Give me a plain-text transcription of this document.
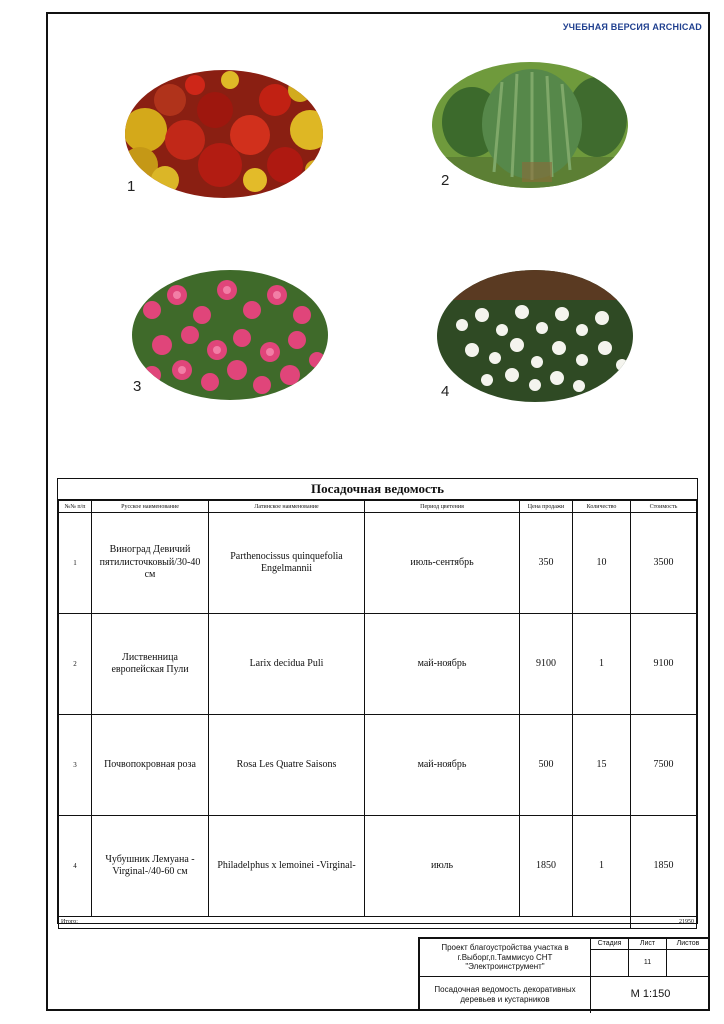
УЧЕБНАЯ ВЕРСИЯ ARCHICAD
1	2
3	4
Посадочная ведомость
№№ п/п	Русское наименование	Латинское наименование	Период цветения	Цена продажи	Количество	Стоимость
1	Виноград Девичий пятилисточковый/30-40 см	Parthenocissus quinquefolia Engelmannii	июль-сентябрь	350	10	3500
2	Лиственница европейская Пули	Larix decidua Puli	май-ноябрь	9100	1	9100
3	Почвопокровная роза	Rosa Les Quatre Saisons	май-ноябрь	500	15	7500
4	Чубушник Лемуана -Virginal-/40-60 см	Philadelphus x lemoinei -Virginal-	июль	1850	1	1850
Итого:						21950
Проект благоустройства участка в г.Выборг,п.Таммисуо СНТ "Электроинструмент"
Стадия	Лист	Листов
11
Посадочная ведомость декоративных деревьев и кустарников	М 1:150
